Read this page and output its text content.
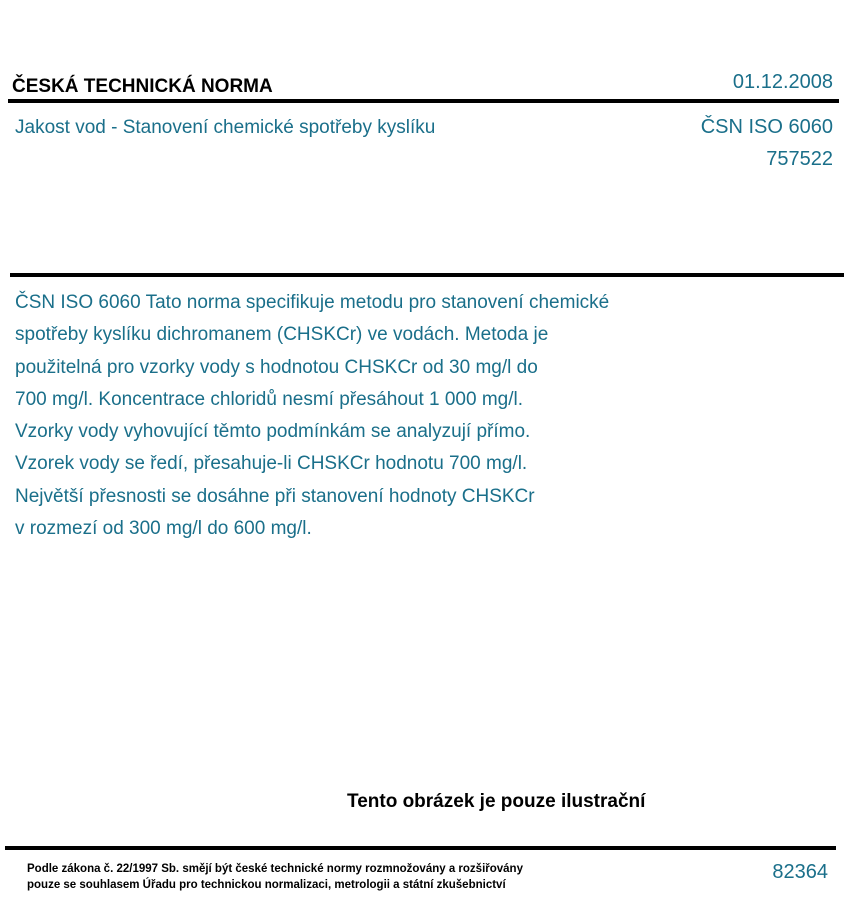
ČESKÁ TECHNICKÁ NORMA	01.12.2008
Jakost vod - Stanovení chemické spotřeby kyslíku	ČSN ISO 6060
757522
ČSN ISO 6060 Tato norma specifikuje metodu pro stanovení chemické
spotřeby kyslíku dichromanem (CHSKCr) ve vodách. Metoda je
použitelná pro vzorky vody s hodnotou CHSKCr od 30 mg/l do
700 mg/l. Koncentrace chloridů nesmí přesáhout 1 000 mg/l.
Vzorky vody vyhovující těmto podmínkám se analyzují přímo.
Vzorek vody se ředí, přesahuje-li CHSKCr hodnotu 700 mg/l.
Největší přesnosti se dosáhne při stanovení hodnoty CHSKCr
v rozmezí od 300 mg/l do 600 mg/l.
Tento obrázek je pouze ilustrační
Podle zákona č. 22/1997 Sb. smějí být české technické normy rozmnožovány a rozšiřovány
pouze se souhlasem Úřadu pro technickou normalizaci, metrologii a státní zkušebnictví
82364
